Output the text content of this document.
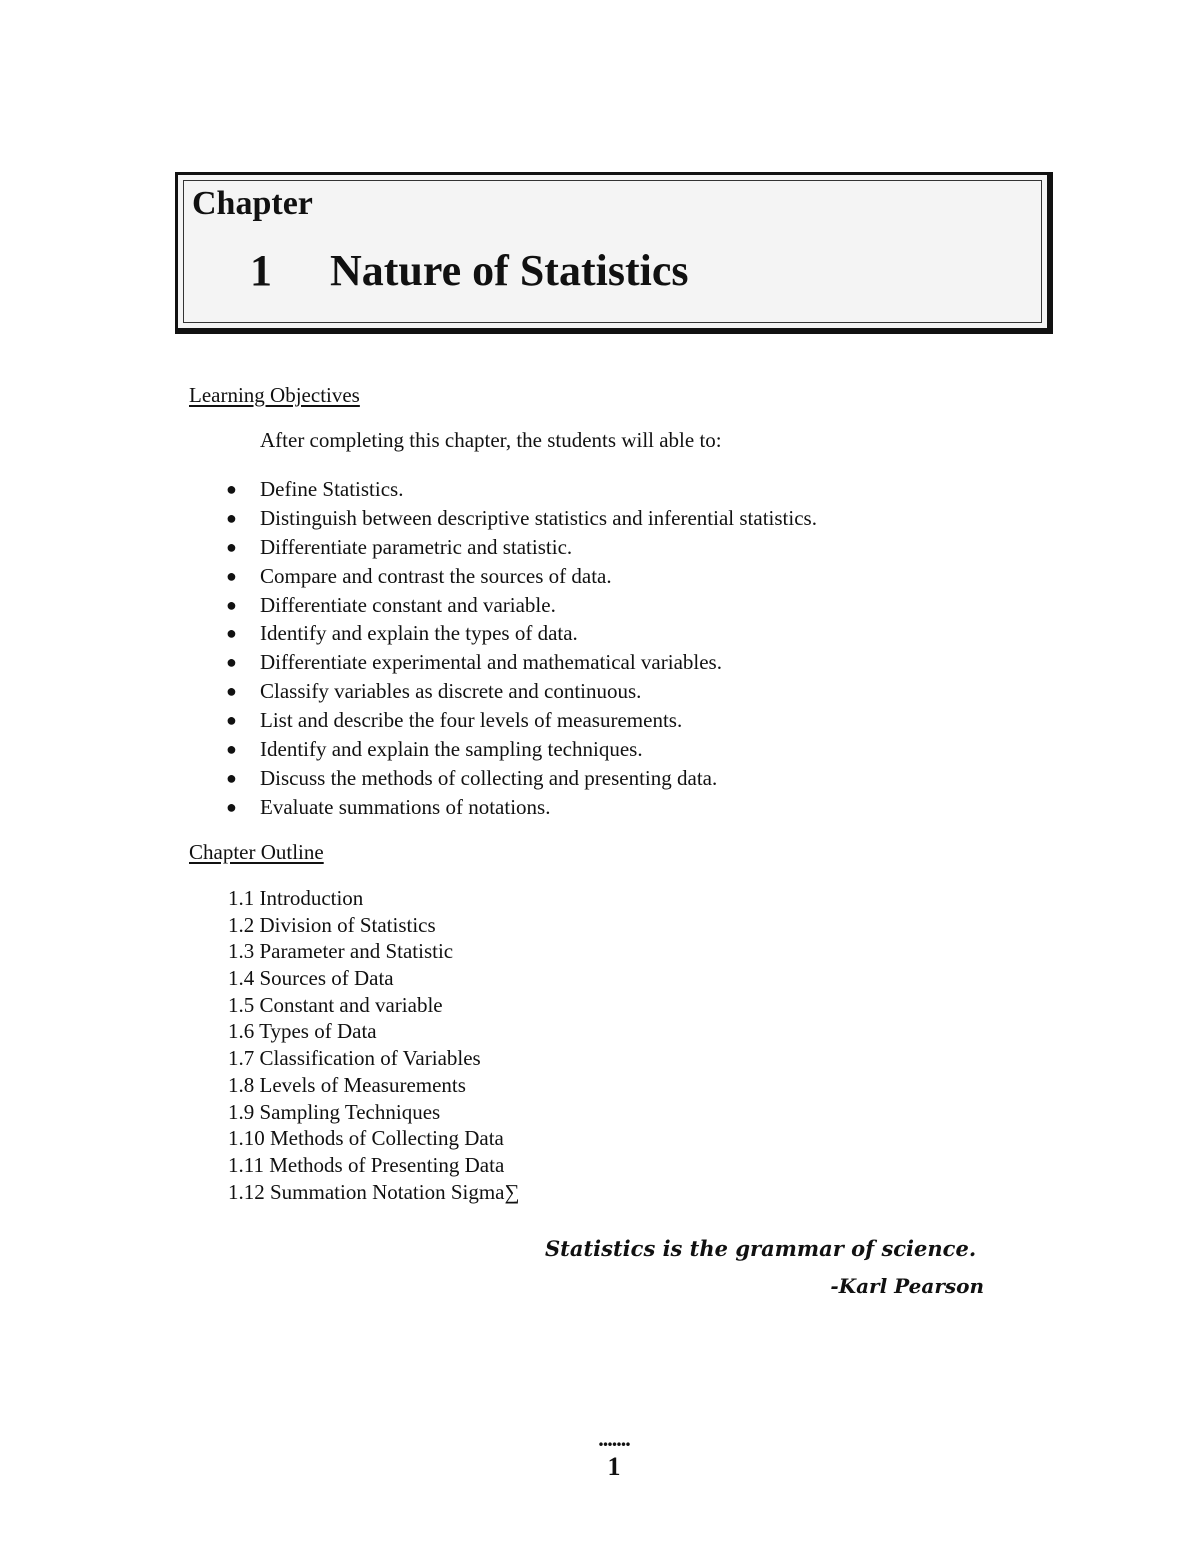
Chapter
1 Nature of Statistics
Learning Objectives
After completing this chapter, the students will able to:
● Define Statistics.
● Distinguish between descriptive statistics and inferential statistics.
● Differentiate parametric and statistic.
● Compare and contrast the sources of data.
● Differentiate constant and variable.
● Identify and explain the types of data.
● Differentiate experimental and mathematical variables.
● Classify variables as discrete and continuous.
● List and describe the four levels of measurements.
● Identify and explain the sampling techniques.
● Discuss the methods of collecting and presenting data.
● Evaluate summations of notations.
Chapter Outline
1.1 Introduction
1.2 Division of Statistics
1.3 Parameter and Statistic
1.4 Sources of Data
1.5 Constant and variable
1.6 Types of Data
1.7 Classification of Variables
1.8 Levels of Measurements
1.9 Sampling Techniques
1.10 Methods of Collecting Data
1.11 Methods of Presenting Data
1.12 Summation Notation Sigma∑
Statistics is the grammar of science.
-Karl Pearson
.......
1
